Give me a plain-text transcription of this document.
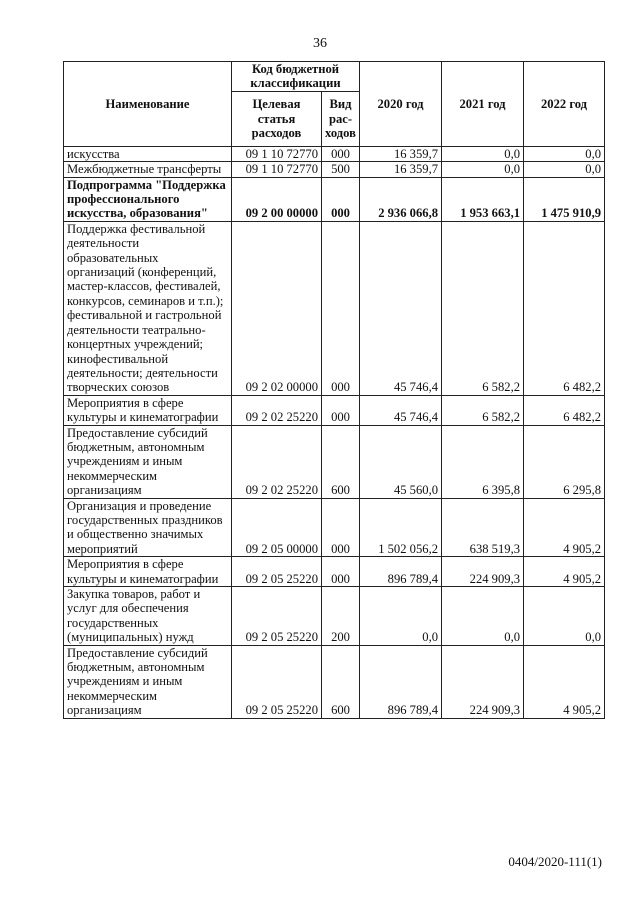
36
Наименование	Код бюджетной классификации		2020 год	2021 год	2022 год
	Целевая статья расходов	Вид рас-ходов			
искусства	09 1 10 72770	000	16 359,7	0,0	0,0
Межбюджетные трансферты	09 1 10 72770	500	16 359,7	0,0	0,0
Подпрограмма "Поддержка профессионального искусства, образования"	09 2 00 00000	000	2 936 066,8	1 953 663,1	1 475 910,9
Поддержка фестивальной деятельности образовательных организаций (конференций, мастер-классов, фестивалей, конкурсов, семинаров и т.п.); фестивальной и гастрольной деятельности театрально-концертных учреждений; кинофестивальной деятельности; деятельности творческих союзов	09 2 02 00000	000	45 746,4	6 582,2	6 482,2
Мероприятия в сфере культуры и кинематографии	09 2 02 25220	000	45 746,4	6 582,2	6 482,2
Предоставление субсидий бюджетным, автономным учреждениям и иным некоммерческим организациям	09 2 02 25220	600	45 560,0	6 395,8	6 295,8
Организация и проведение государственных праздников и общественно значимых мероприятий	09 2 05 00000	000	1 502 056,2	638 519,3	4 905,2
Мероприятия в сфере культуры и кинематографии	09 2 05 25220	000	896 789,4	224 909,3	4 905,2
Закупка товаров, работ и услуг для обеспечения государственных (муниципальных) нужд	09 2 05 25220	200	0,0	0,0	0,0
Предоставление субсидий бюджетным, автономным учреждениям и иным некоммерческим организациям	09 2 05 25220	600	896 789,4	224 909,3	4 905,2
0404/2020-111(1)
